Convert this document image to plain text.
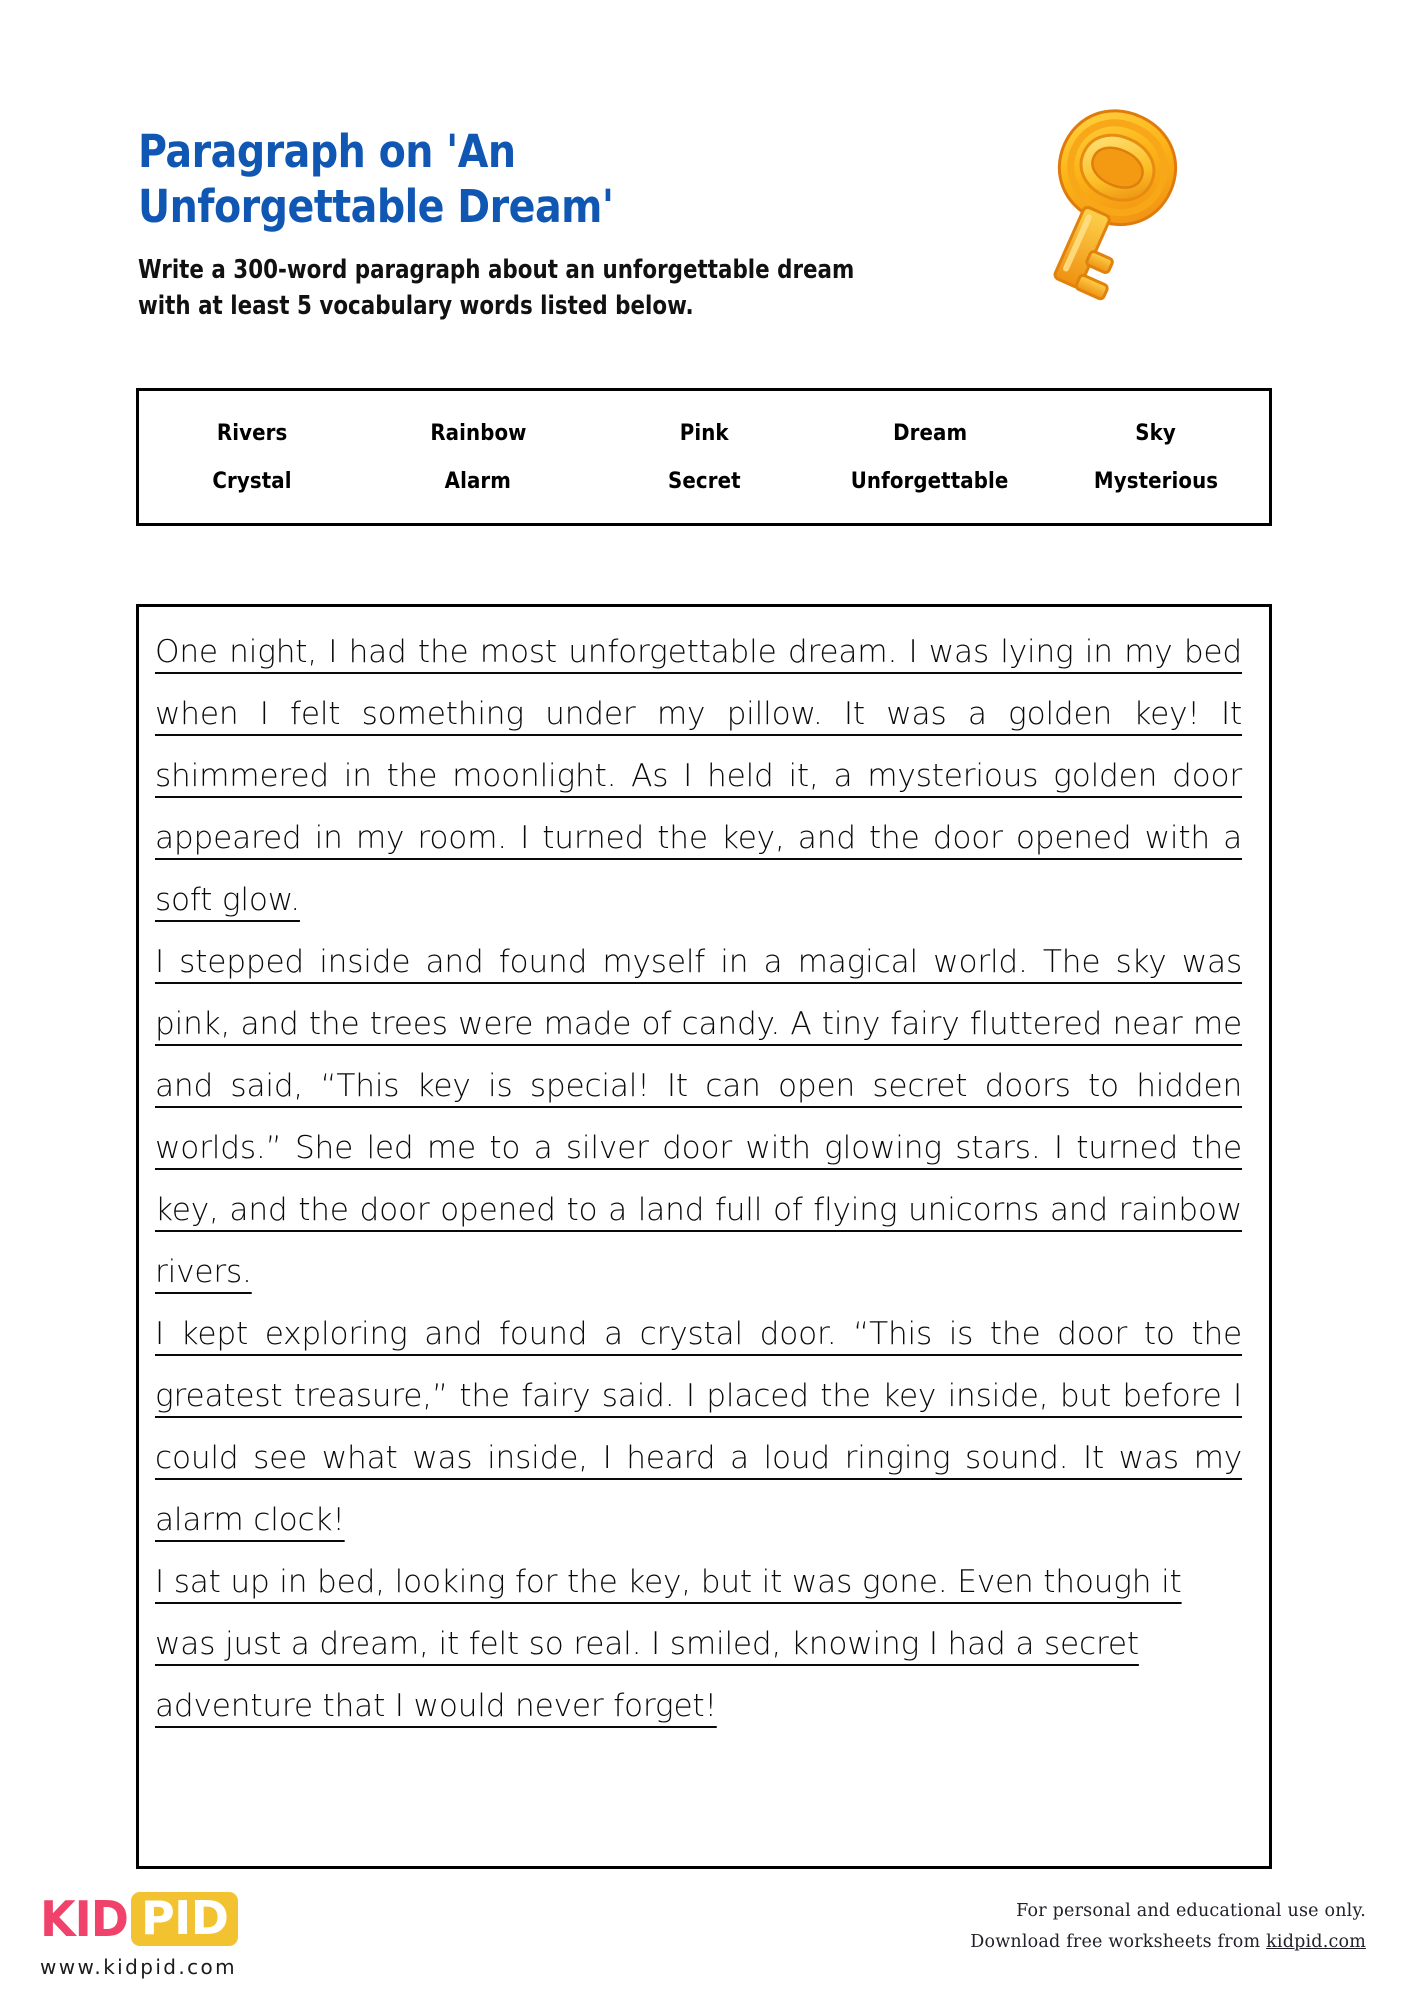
Paragraph on 'An Unforgettable Dream'
Write a 300-word paragraph about an unforgettable dream with at least 5 vocabulary words listed below.
Rivers	Rainbow	Pink	Dream	Sky
Crystal	Alarm	Secret	Unforgettable	Mysterious
One night, I had the most unforgettable dream. I was lying in my bed when I felt something under my pillow. It was a golden key! It shimmered in the moonlight. As I held it, a mysterious golden door appeared in my room. I turned the key, and the door opened with a soft glow.
I stepped inside and found myself in a magical world. The sky was pink, and the trees were made of candy. A tiny fairy fluttered near me and said, “This key is special! It can open secret doors to hidden worlds.” She led me to a silver door with glowing stars. I turned the key, and the door opened to a land full of flying unicorns and rainbow rivers.
I kept exploring and found a crystal door. “This is the door to the greatest treasure,” the fairy said. I placed the key inside, but before I could see what was inside, I heard a loud ringing sound. It was my alarm clock!
I sat up in bed, looking for the key, but it was gone. Even though it was just a dream, it felt so real. I smiled, knowing I had a secret adventure that I would never forget!
KID PID
www.kidpid.com
For personal and educational use only.
Download free worksheets from kidpid.com
